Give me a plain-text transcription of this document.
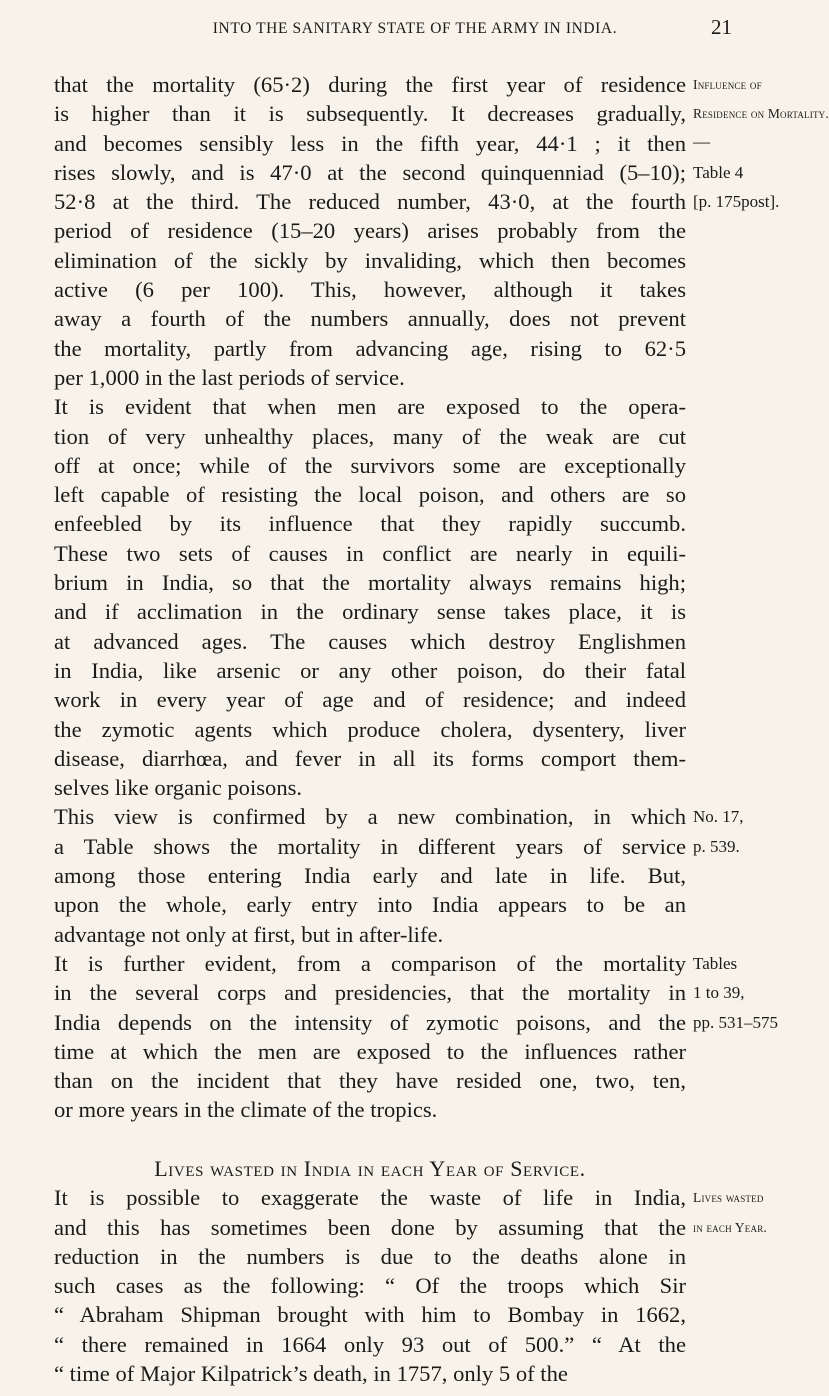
INTO THE SANITARY STATE OF THE ARMY IN INDIA.	21
that the mortality (65·2) during the first year of residence Influence of
is higher than it is subsequently. It decreases gradually, Residence on Mortality.
and becomes sensibly less in the fifth year, 44·1 ; it then —
rises slowly, and is 47·0 at the second quinquenniad (5–10); Table 4
52·8 at the third. The reduced number, 43·0, at the fourth [p. 175post].
period of residence (15–20 years) arises probably from the
elimination of the sickly by invaliding, which then becomes
active (6 per 100). This, however, although it takes
away a fourth of the numbers annually, does not prevent
the mortality, partly from advancing age, rising to 62·5
per 1,000 in the last periods of service.
It is evident that when men are exposed to the opera-
tion of very unhealthy places, many of the weak are cut
off at once; while of the survivors some are exceptionally
left capable of resisting the local poison, and others are so
enfeebled by its influence that they rapidly succumb.
These two sets of causes in conflict are nearly in equili-
brium in India, so that the mortality always remains high;
and if acclimation in the ordinary sense takes place, it is
at advanced ages. The causes which destroy Englishmen
in India, like arsenic or any other poison, do their fatal
work in every year of age and of residence; and indeed
the zymotic agents which produce cholera, dysentery, liver
disease, diarrhœa, and fever in all its forms comport them-
selves like organic poisons.
This view is confirmed by a new combination, in which No. 17,
a Table shows the mortality in different years of service p. 539.
among those entering India early and late in life. But,
upon the whole, early entry into India appears to be an
advantage not only at first, but in after-life.
It is further evident, from a comparison of the mortality Tables
in the several corps and presidencies, that the mortality in 1 to 39,
India depends on the intensity of zymotic poisons, and the pp. 531–575
time at which the men are exposed to the influences rather
than on the incident that they have resided one, two, ten,
or more years in the climate of the tropics.
Lives wasted in India in each Year of Service.
It is possible to exaggerate the waste of life in India, Lives wasted
and this has sometimes been done by assuming that the in each Year.
reduction in the numbers is due to the deaths alone in
such cases as the following: “ Of the troops which Sir
“ Abraham Shipman brought with him to Bombay in 1662,
“ there remained in 1664 only 93 out of 500.” “ At the
“ time of Major Kilpatrick’s death, in 1757, only 5 of the
